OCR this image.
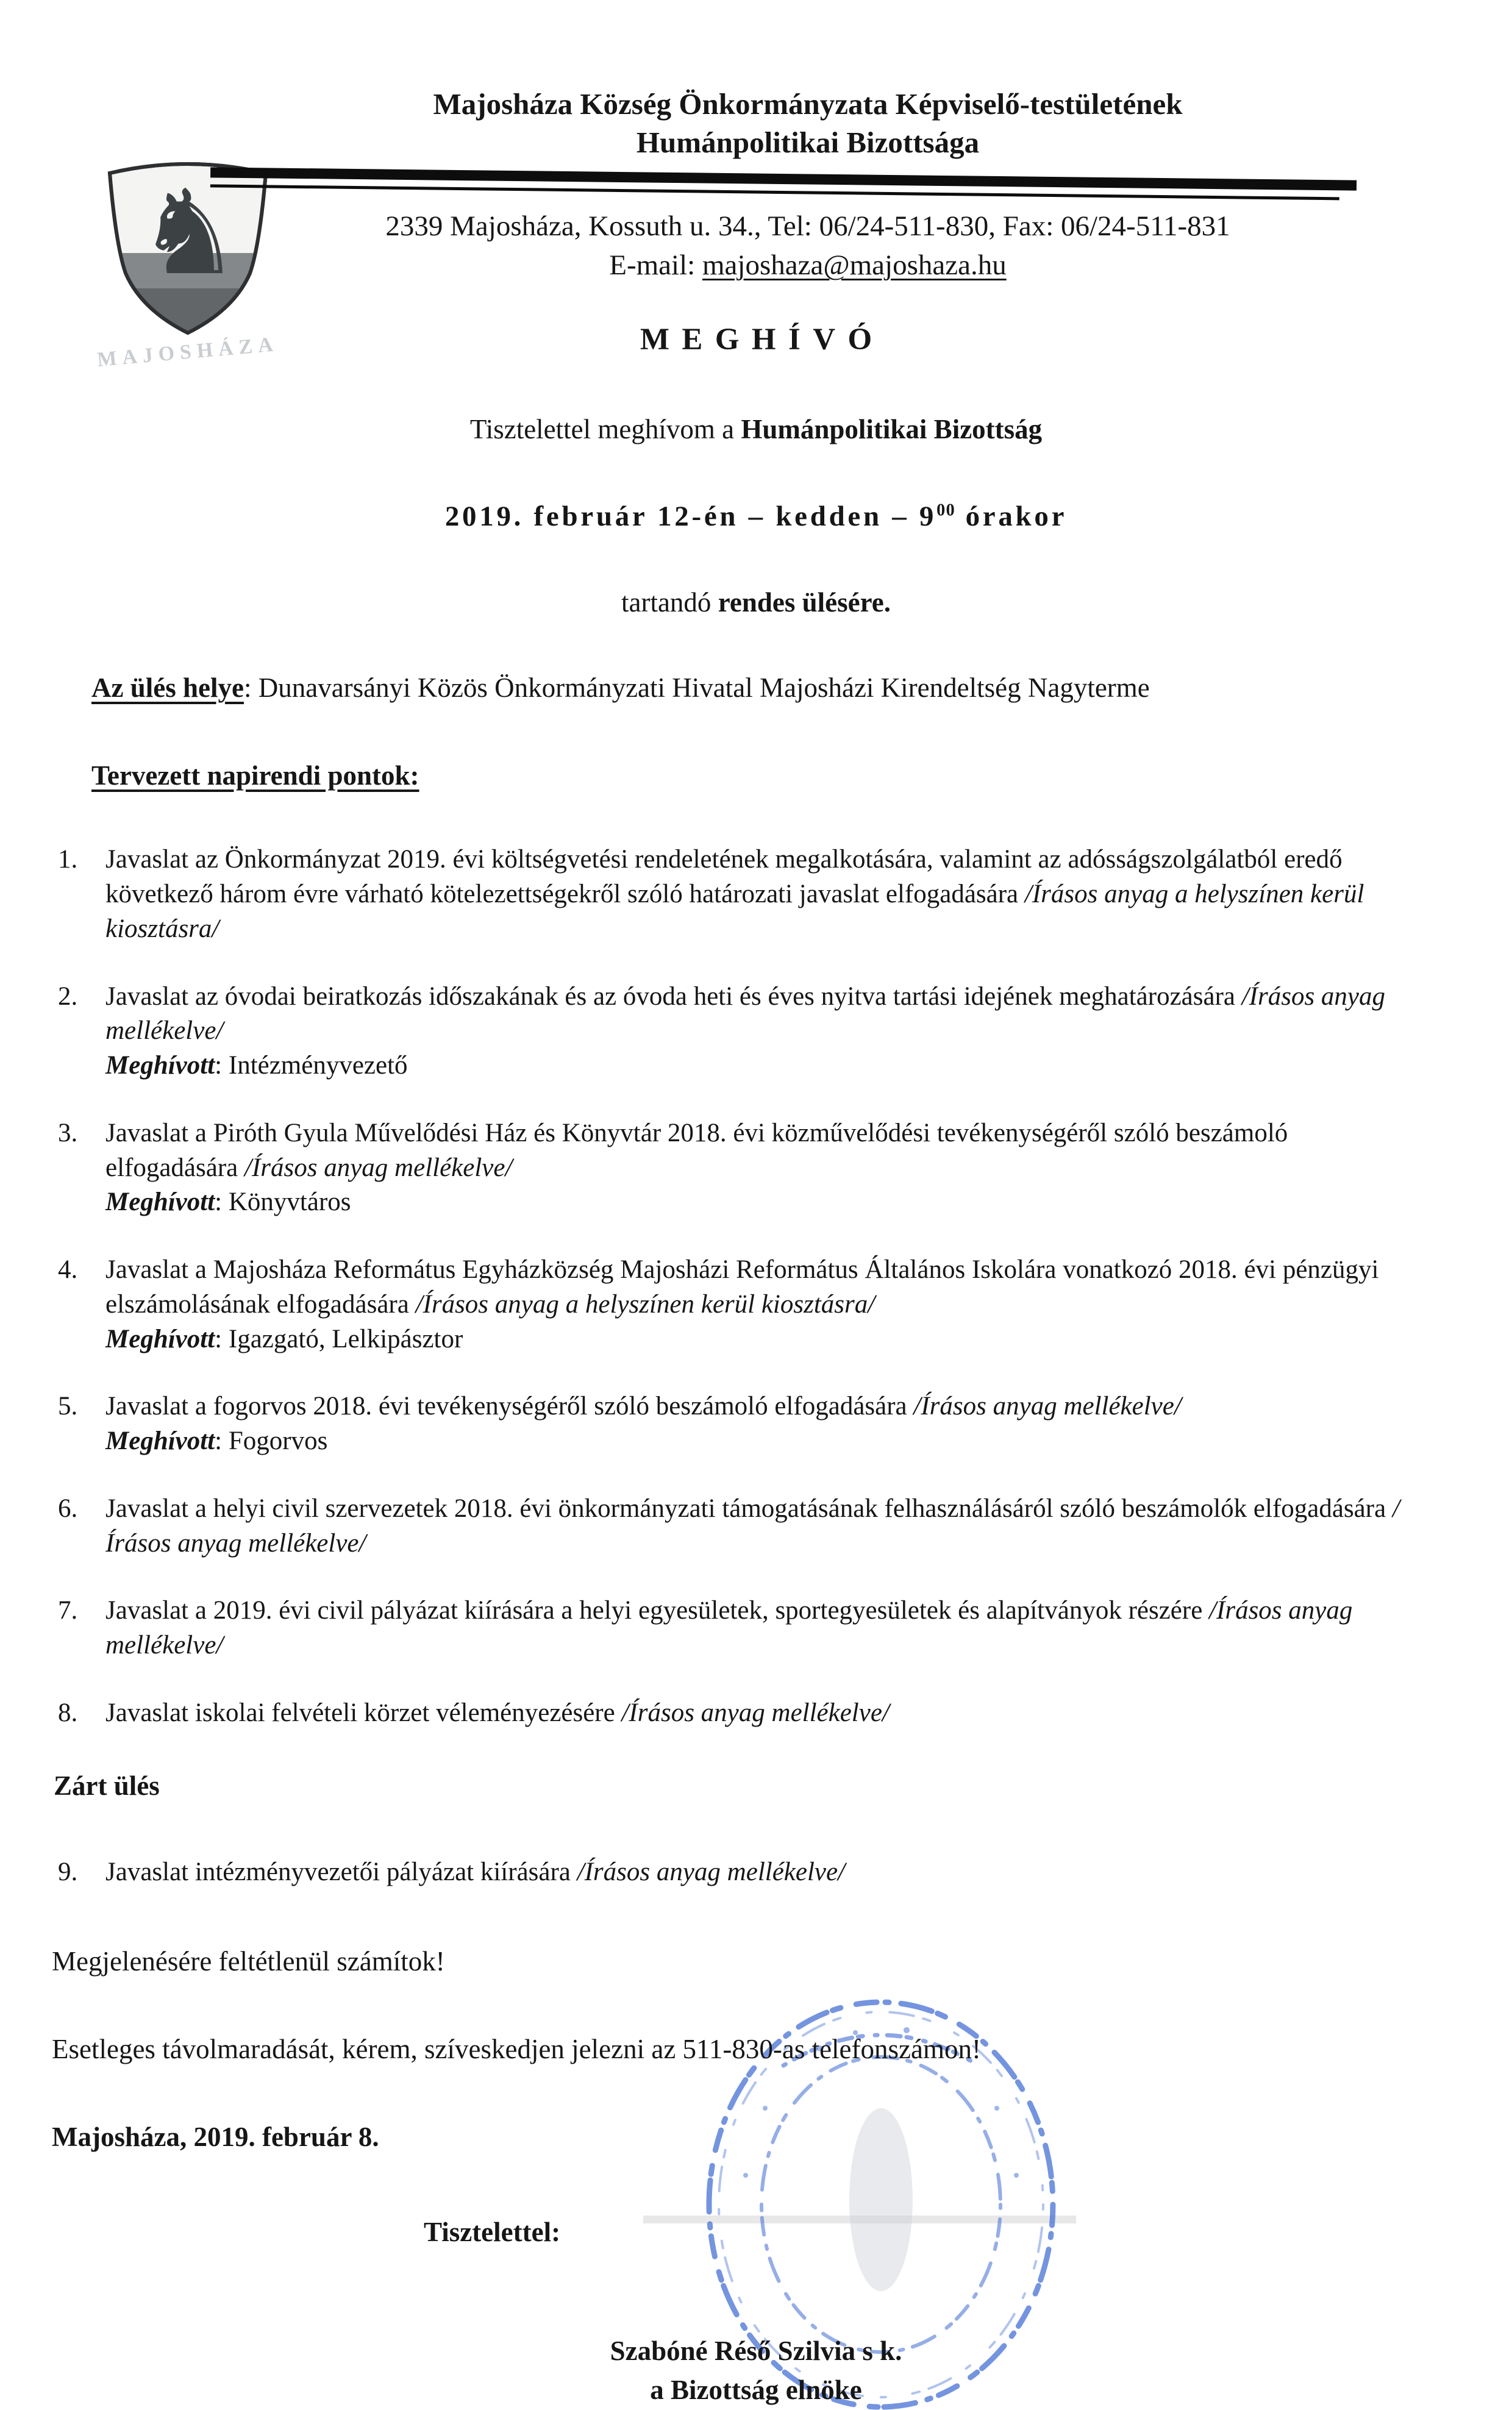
♞
MAJOSHÁZA
Majosháza Község Önkormányzata Képviselő-testületének
Humánpolitikai Bizottsága
2339 Majosháza, Kossuth u. 34., Tel: 06/24-511-830, Fax: 06/24-511-831
E-mail: majoshaza@majoshaza.hu
MEGHÍVÓ
Tisztelettel meghívom a Humánpolitikai Bizottság
2019. február 12-én – kedden – $9^{00}$ órakor
tartandó rendes ülésére.
Az ülés helye: Dunavarsányi Közös Önkormányzati Hivatal Majosházi Kirendeltség Nagyterme
Tervezett napirendi pontok:
1.	Javaslat az Önkormányzat 2019. évi költségvetési rendeletének megalkotására, valamint az adósságszolgálatból eredő következő három évre várható kötelezettségekről szóló határozati javaslat elfogadására /Írásos anyag a helyszínen kerül kiosztásra/
2.	Javaslat az óvodai beiratkozás időszakának és az óvoda heti és éves nyitva tartási idejének meghatározására /Írásos anyag mellékelve/
Meghívott: Intézményvezető
3.	Javaslat a Piróth Gyula Művelődési Ház és Könyvtár 2018. évi közművelődési tevékenységéről szóló beszámoló elfogadására /Írásos anyag mellékelve/
Meghívott: Könyvtáros
4.	Javaslat a Majosháza Református Egyházközség Majosházi Református Általános Iskolára vonatkozó 2018. évi pénzügyi elszámolásának elfogadására /Írásos anyag a helyszínen kerül kiosztásra/
Meghívott: Igazgató, Lelkipásztor
5.	Javaslat a fogorvos 2018. évi tevékenységéről szóló beszámoló elfogadására /Írásos anyag mellékelve/
Meghívott: Fogorvos
6.	Javaslat a helyi civil szervezetek 2018. évi önkormányzati támogatásának felhasználásáról szóló beszámolók elfogadására /Írásos anyag mellékelve/
7.	Javaslat a 2019. évi civil pályázat kiírására a helyi egyesületek, sportegyesületek és alapítványok részére /Írásos anyag mellékelve/
8.	Javaslat iskolai felvételi körzet véleményezésére /Írásos anyag mellékelve/
Zárt ülés
9.	Javaslat intézményvezetői pályázat kiírására /Írásos anyag mellékelve/
Megjelenésére feltétlenül számítok!
Esetleges távolmaradását, kérem, szíveskedjen jelezni az 511-830-as telefonszámon!
Majosháza, 2019. február 8.
Tisztelettel:
Szabóné Réső Szilvia s k.
a Bizottság elnöke
